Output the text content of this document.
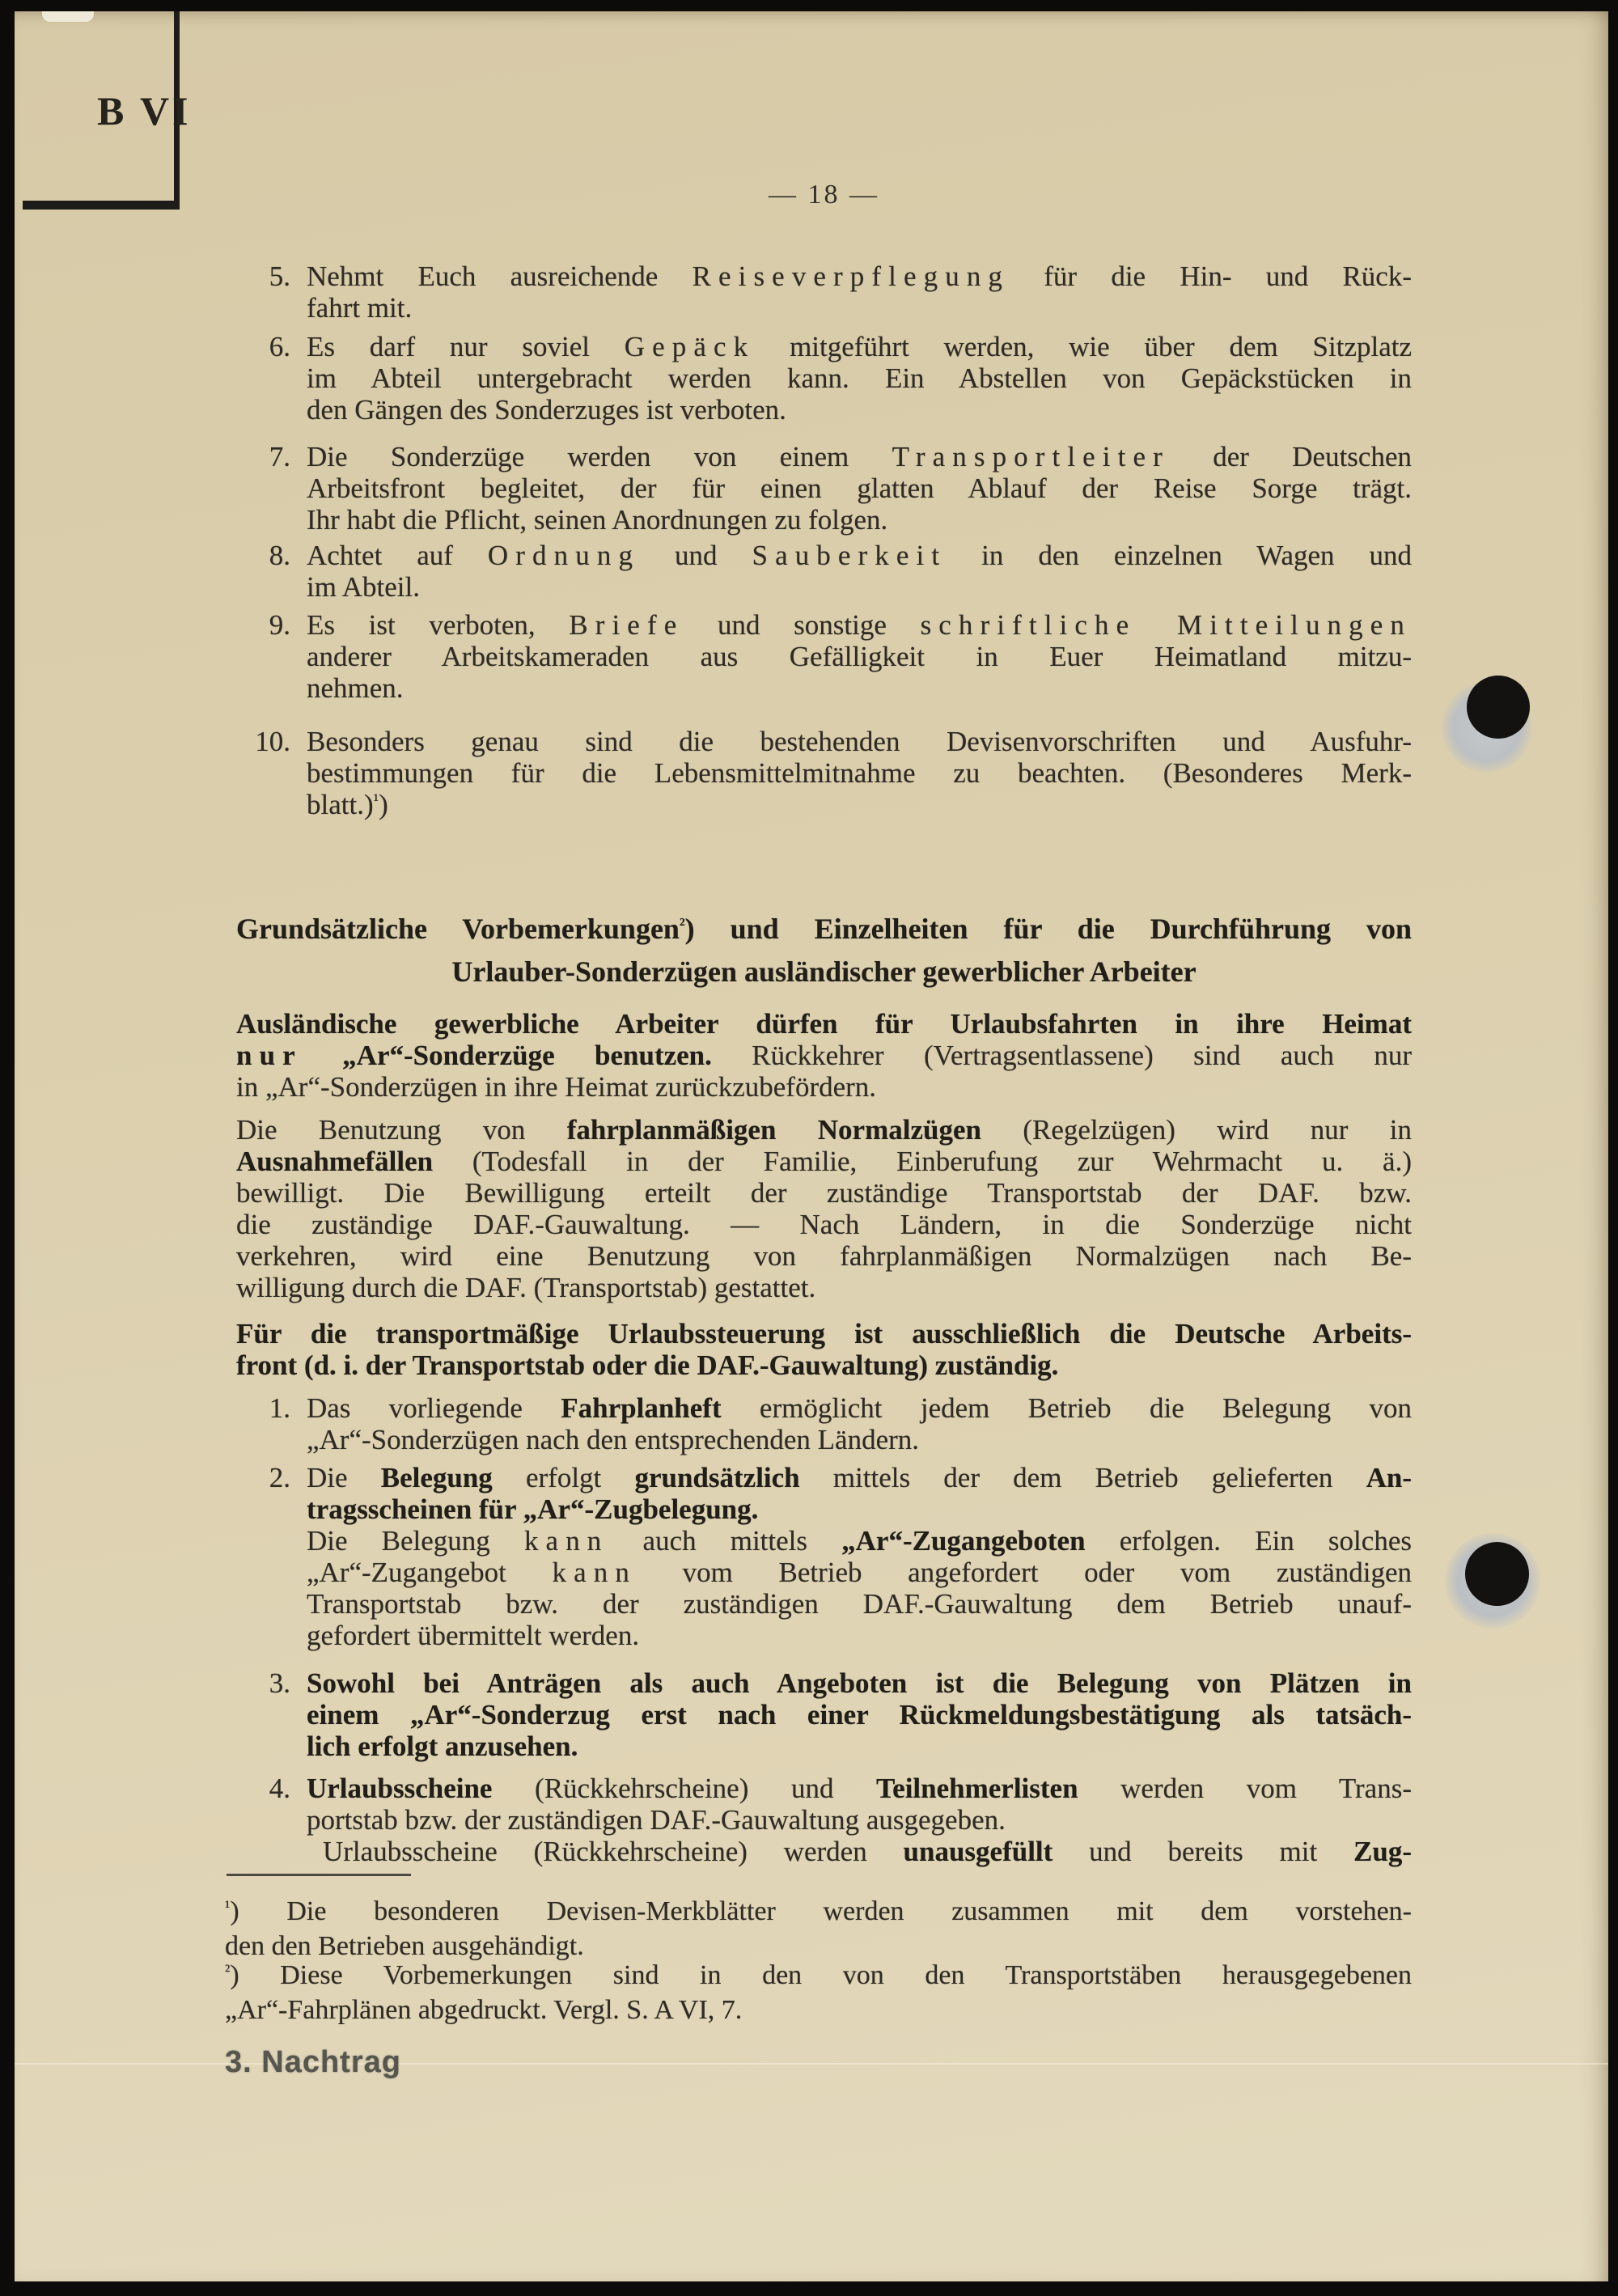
B VI
— 18 —
5. Nehmt Euch ausreichende Reiseverpflegung für die Hin- und Rück-
fahrt mit.
6. Es darf nur soviel Gepäck mitgeführt werden, wie über dem Sitzplatz
im Abteil untergebracht werden kann. Ein Abstellen von Gepäckstücken in
den Gängen des Sonderzuges ist verboten.
7. Die Sonderzüge werden von einem Transportleiter der Deutschen
Arbeitsfront begleitet, der für einen glatten Ablauf der Reise Sorge trägt.
Ihr habt die Pflicht, seinen Anordnungen zu folgen.
8. Achtet auf Ordnung und Sauberkeit in den einzelnen Wagen und
im Abteil.
9. Es ist verboten, Briefe und sonstige schriftliche Mitteilungen
anderer Arbeitskameraden aus Gefälligkeit in Euer Heimatland mitzu-
nehmen.
10. Besonders genau sind die bestehenden Devisenvorschriften und Ausfuhr-
bestimmungen für die Lebensmittelmitnahme zu beachten. (Besonderes Merk-
blatt.)$^{^1}$)
Grundsätzliche Vorbemerkungen$^{^2}$) und Einzelheiten für die Durchführung von
Urlauber-Sonderzügen ausländischer gewerblicher Arbeiter
Ausländische gewerbliche Arbeiter dürfen für Urlaubsfahrten in ihre Heimat
nur „Ar“-Sonderzüge benutzen. Rückkehrer (Vertragsentlassene) sind auch nur
in „Ar“-Sonderzügen in ihre Heimat zurückzubefördern.
Die Benutzung von fahrplanmäßigen Normalzügen (Regelzügen) wird nur in
Ausnahmefällen (Todesfall in der Familie, Einberufung zur Wehrmacht u. ä.)
bewilligt. Die Bewilligung erteilt der zuständige Transportstab der DAF. bzw.
die zuständige DAF.-Gauwaltung. — Nach Ländern, in die Sonderzüge nicht
verkehren, wird eine Benutzung von fahrplanmäßigen Normalzügen nach Be-
willigung durch die DAF. (Transportstab) gestattet.
Für die transportmäßige Urlaubssteuerung ist ausschließlich die Deutsche Arbeits-
front (d. i. der Transportstab oder die DAF.-Gauwaltung) zuständig.
1. Das vorliegende Fahrplanheft ermöglicht jedem Betrieb die Belegung von
„Ar“-Sonderzügen nach den entsprechenden Ländern.
2. Die Belegung erfolgt grundsätzlich mittels der dem Betrieb gelieferten An-
tragsscheinen für „Ar“-Zugbelegung.
Die Belegung kann auch mittels „Ar“-Zugangeboten erfolgen. Ein solches
„Ar“-Zugangebot kann vom Betrieb angefordert oder vom zuständigen
Transportstab bzw. der zuständigen DAF.-Gauwaltung dem Betrieb unauf-
gefordert übermittelt werden.
3. Sowohl bei Anträgen als auch Angeboten ist die Belegung von Plätzen in
einem „Ar“-Sonderzug erst nach einer Rückmeldungsbestätigung als tatsäch-
lich erfolgt anzusehen.
4. Urlaubsscheine (Rückkehrscheine) und Teilnehmerlisten werden vom Trans-
portstab bzw. der zuständigen DAF.-Gauwaltung ausgegeben.
Urlaubsscheine (Rückkehrscheine) werden unausgefüllt und bereits mit Zug-
$^{^1}$) Die besonderen Devisen-Merkblätter werden zusammen mit dem vorstehen-
den den Betrieben ausgehändigt.
$^{^2}$) Diese Vorbemerkungen sind in den von den Transportstäben herausgegebenen
„Ar“-Fahrplänen abgedruckt. Vergl. S. A VI, 7.
3. Nachtrag
